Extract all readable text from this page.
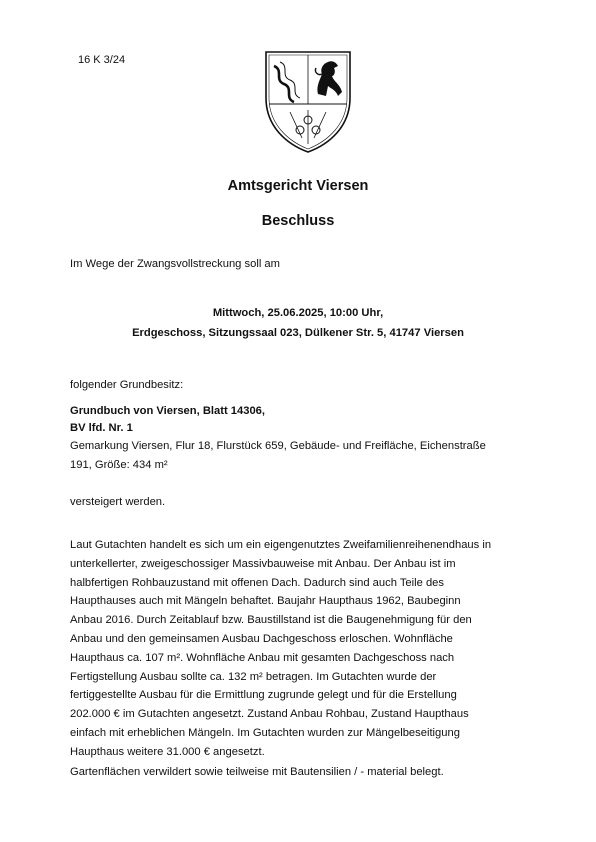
16 K 3/24
Amtsgericht Viersen
Beschluss
Im Wege der Zwangsvollstreckung soll am
Mittwoch, 25.06.2025, 10:00 Uhr,
Erdgeschoss, Sitzungssaal 023, Dülkener Str. 5, 41747 Viersen
folgender Grundbesitz:
Grundbuch von Viersen, Blatt 14306,
BV lfd. Nr. 1
Gemarkung Viersen, Flur 18, Flurstück 659, Gebäude- und Freifläche, Eichenstraße
191, Größe: 434 m²
versteigert werden.

Laut Gutachten handelt es sich um ein eigengenutztes Zweifamilienreihenendhaus in

unterkellerter, zweigeschossiger Massivbauweise mit Anbau. Der Anbau ist im

halbfertigen Rohbauzustand mit offenen Dach. Dadurch sind auch Teile des

Haupthauses auch mit Mängeln behaftet. Baujahr Haupthaus 1962, Baubeginn

Anbau 2016. Durch Zeitablauf bzw. Baustillstand ist die Baugenehmigung für den

Anbau und den gemeinsamen Ausbau Dachgeschoss erloschen. Wohnfläche

Haupthaus ca. 107 m². Wohnfläche Anbau mit gesamten Dachgeschoss nach

Fertigstellung Ausbau sollte ca. 132 m² betragen. Im Gutachten wurde der

fertiggestellte Ausbau für die Ermittlung zugrunde gelegt und für die Erstellung

202.000 € im Gutachten angesetzt. Zustand Anbau Rohbau, Zustand Haupthaus

einfach mit erheblichen Mängeln. Im Gutachten wurden zur Mängelbeseitigung

Haupthaus weitere 31.000 € angesetzt.

Gartenflächen verwildert sowie teilweise mit Bautensilien / - material belegt.
